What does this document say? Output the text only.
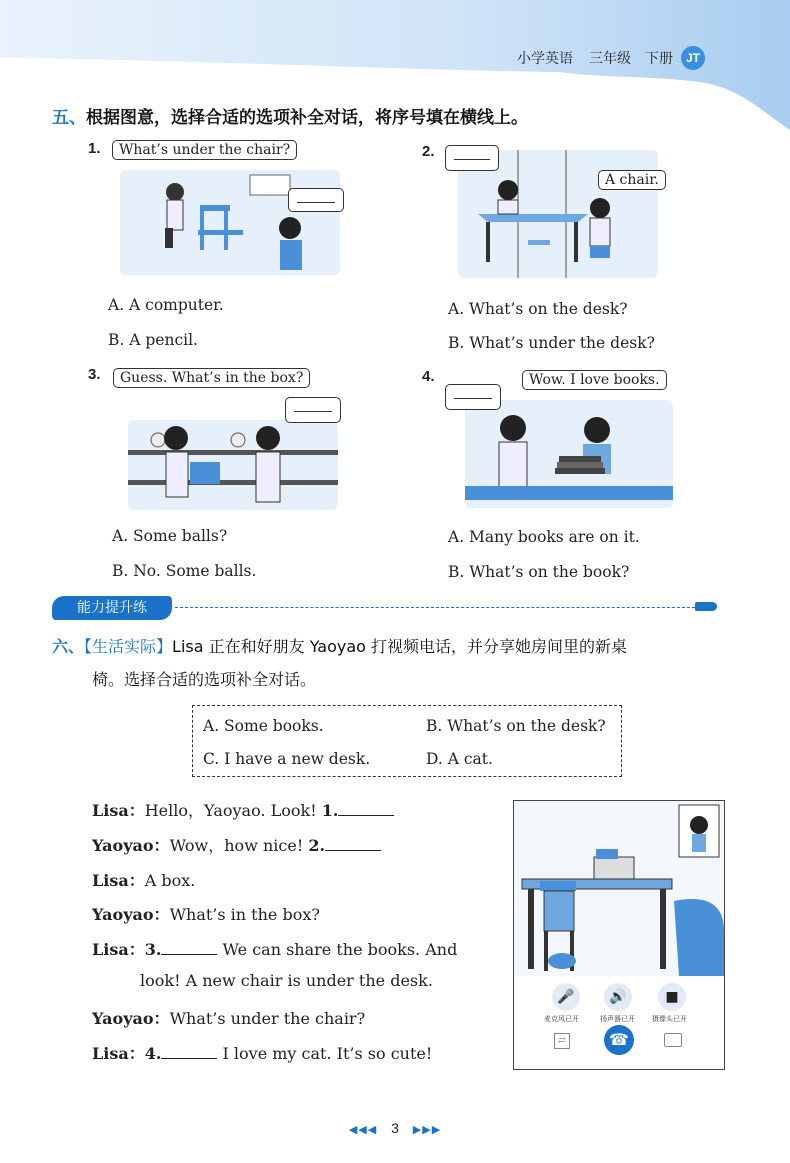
小学英语 三年级 下册	JT
五、根据图意，选择合适的选项补全对话，将序号填在横线上。
1.	What’s under the chair?
A. A computer.
B. A pencil.
2.
A chair.
A. What’s on the desk?
B. What’s under the desk?
3.	Guess. What’s in the box?
A. Some balls?
B. No. Some balls.
4.	Wow. I love books.
A. Many books are on it.
B. What’s on the book?
能力提升练
六、【生活实际】Lisa 正在和好朋友 Yaoyao 打视频电话，并分享她房间里的新桌
椅。选择合适的选项补全对话。
A. Some books.	B. What’s on the desk?
C. I have a new desk.	D. A cat.
Lisa：Hello，Yaoyao. Look! 1.
Yaoyao：Wow，how nice! 2.
Lisa：A box.
Yaoyao：What’s in the box?
Lisa：3.	We can share the books. And
look! A new chair is under the desk.
Yaoyao：What’s under the chair?
Lisa：4.	I love my cat. It’s so cute!
🎤	🔊	■
麦克风已开	扬声器已开 摄像头已开
⇄	☎
◀◀◀ 3 ▶▶▶
